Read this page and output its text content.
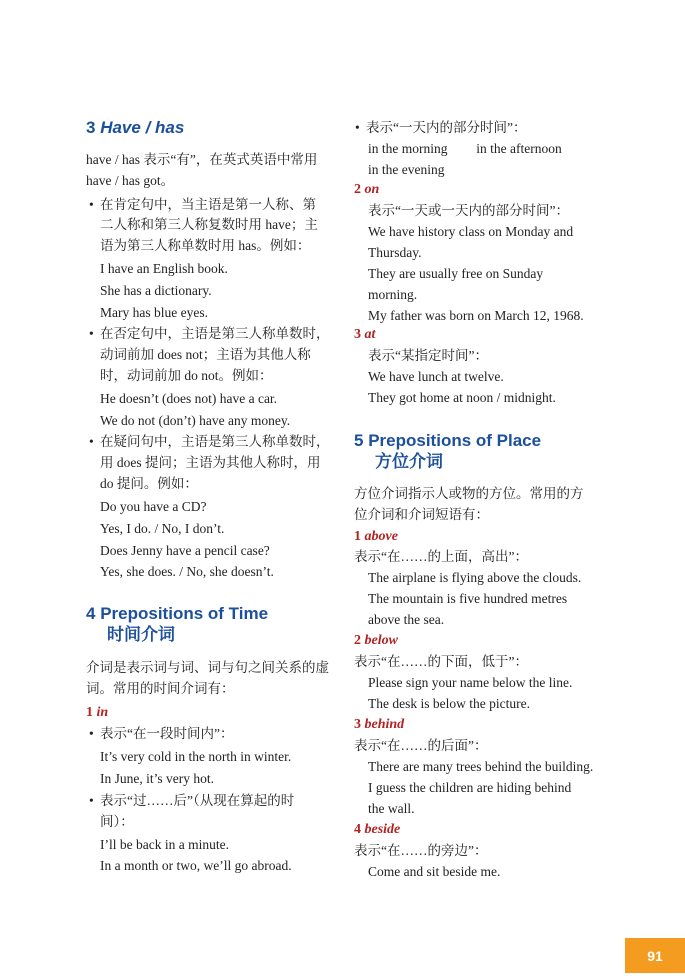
3 Have / has
have / has 表示“有”，在英式英语中常用
have / has got。
• 在肯定句中，当主语是第一人称、第
二人称和第三人称复数时用 have；主
语为第三人称单数时用 has。例如：
I have an English book.
She has a dictionary.
Mary has blue eyes.
• 在否定句中，主语是第三人称单数时，
动词前加 does not；主语为其他人称
时，动词前加 do not。例如：
He doesn’t (does not) have a car.
We do not (don’t) have any money.
• 在疑问句中，主语是第三人称单数时，
用 does 提问；主语为其他人称时，用
do 提问。例如：
Do you have a CD?
Yes, I do. / No, I don’t.
Does Jenny have a pencil case?
Yes, she does. / No, she doesn’t.
4 Prepositions of Time
时间介词
介词是表示词与词、词与句之间关系的虚
词。常用的时间介词有：
1 in
• 表示“在一段时间内”：
It’s very cold in the north in winter.
In June, it’s very hot.
• 表示“过……后”（从现在算起的时
间）：
I’ll be back in a minute.
In a month or two, we’ll go abroad.
• 表示“一天内的部分时间”：
in the morning in the afternoon
in the evening
2 on
表示“一天或一天内的部分时间”：
We have history class on Monday and
Thursday.
They are usually free on Sunday
morning.
My father was born on March 12, 1968.
3 at
表示“某指定时间”：
We have lunch at twelve.
They got home at noon / midnight.
5 Prepositions of Place
方位介词
方位介词指示人或物的方位。常用的方
位介词和介词短语有：
1 above
表示“在……的上面，高出”：
The airplane is flying above the clouds.
The mountain is five hundred metres
above the sea.
2 below
表示“在……的下面，低于”：
Please sign your name below the line.
The desk is below the picture.
3 behind
表示“在……的后面”：
There are many trees behind the building.
I guess the children are hiding behind
the wall.
4 beside
表示“在……的旁边”：
Come and sit beside me.
91
